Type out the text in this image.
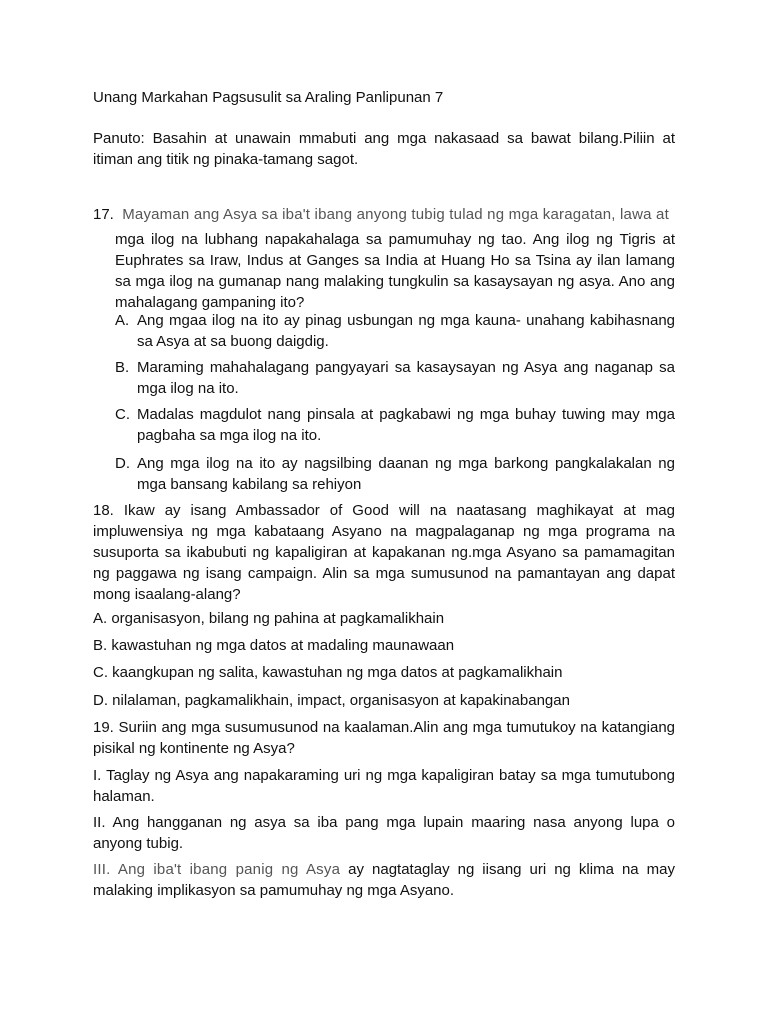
Unang Markahan Pagsusulit sa Araling Panlipunan 7

Panuto: Basahin at unawain mmabuti ang mga nakasaad sa bawat bilang.Piliin at itiman ang titik ng pinaka-tamang sagot.

17. Mayaman ang Asya sa iba't ibang anyong tubig tulad ng mga karagatan, lawa at
mga ilog na lubhang napakahalaga sa pamumuhay ng tao. Ang ilog ng Tigris at Euphrates sa Iraw, Indus at Ganges sa India at Huang Ho sa Tsina ay ilan lamang sa mga ilog na gumanap nang malaking tungkulin sa kasaysayan ng asya. Ano ang mahalagang gampaning ito?
A. Ang mgaa ilog na ito ay pinag usbungan ng mga kauna- unahang kabihasnang sa Asya at sa buong daigdig.
B. Maraming mahahalagang pangyayari sa kasaysayan ng Asya ang naganap sa mga ilog na ito.
C. Madalas magdulot nang pinsala at pagkabawi ng mga buhay tuwing may mga pagbaha sa mga ilog na ito.
D. Ang mga ilog na ito ay nagsilbing daanan ng mga barkong pangkalakalan ng mga bansang kabilang sa rehiyon

18. Ikaw ay isang Ambassador of Good will na naatasang maghikayat at mag impluwensiya ng mga kabataang Asyano na magpalaganap ng mga programa na susuporta sa ikabubuti ng kapaligiran at kapakanan ng.mga Asyano sa pamamagitan ng paggawa ng isang campaign. Alin sa mga sumusunod na pamantayan ang dapat mong isaalang-alang?

A. organisasyon, bilang ng pahina at pagkamalikhain

B. kawastuhan ng mga datos at madaling maunawaan

C. kaangkupan ng salita, kawastuhan ng mga datos at pagkamalikhain

D. nilalaman, pagkamalikhain, impact, organisasyon at kapakinabangan

19. Suriin ang mga susumusunod na kaalaman.Alin ang mga tumutukoy na katangiang pisikal ng kontinente ng Asya?

I. Taglay ng Asya ang napakaraming uri ng mga kapaligiran batay sa mga tumutubong halaman.

II. Ang hangganan ng asya sa iba pang mga lupain maaring nasa anyong lupa o anyong tubig.

III. Ang iba't ibang panig ng Asya ay nagtataglay ng iisang uri ng klima na may malaking implikasyon sa pamumuhay ng mga Asyano.
